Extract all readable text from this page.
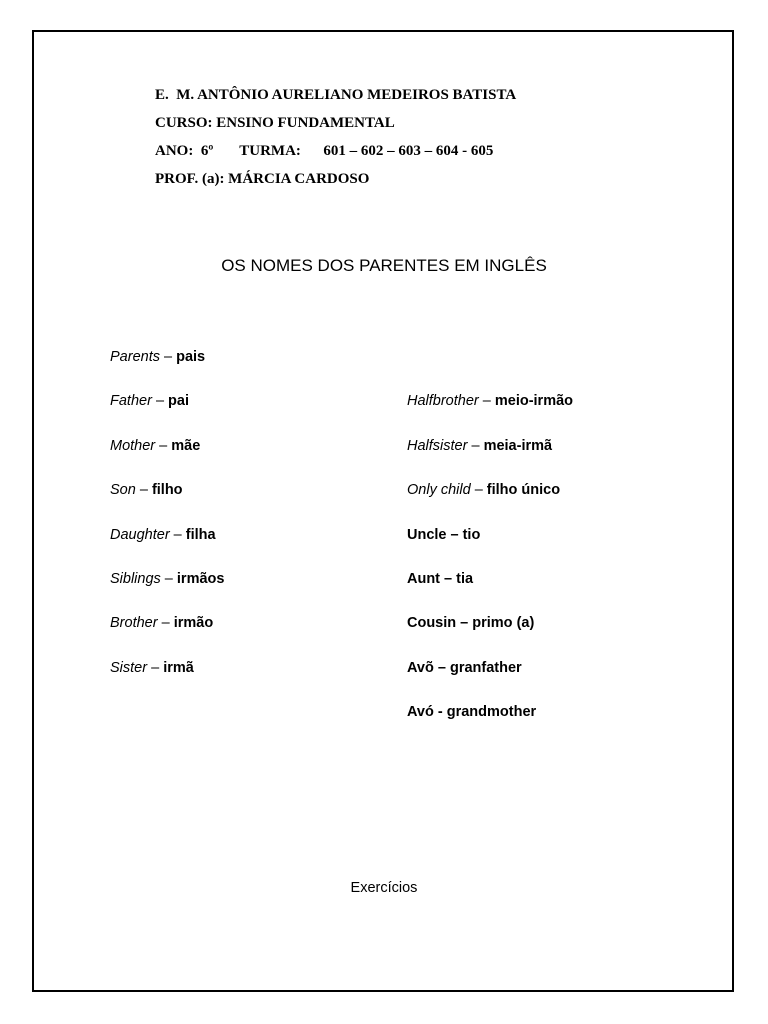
E.  M. ANTÔNIO AURELIANO MEDEIROS BATISTA
CURSO: ENSINO FUNDAMENTAL
ANO:  6º       TURMA:      601 – 602 – 603 – 604 - 605
PROF. (a): MÁRCIA CARDOSO
OS NOMES DOS PARENTES EM INGLÊS
Parents – pais
Father – pai
Mother – mãe
Son – filho
Daughter – filha
Siblings – irmãos
Brother – irmão
Sister – irmã
Halfbrother – meio-irmão
Halfsister – meia-irmã
Only child – filho único
Uncle – tio
Aunt – tia
Cousin – primo (a)
Avõ – granfather
Avó - grandmother
Exercícios
